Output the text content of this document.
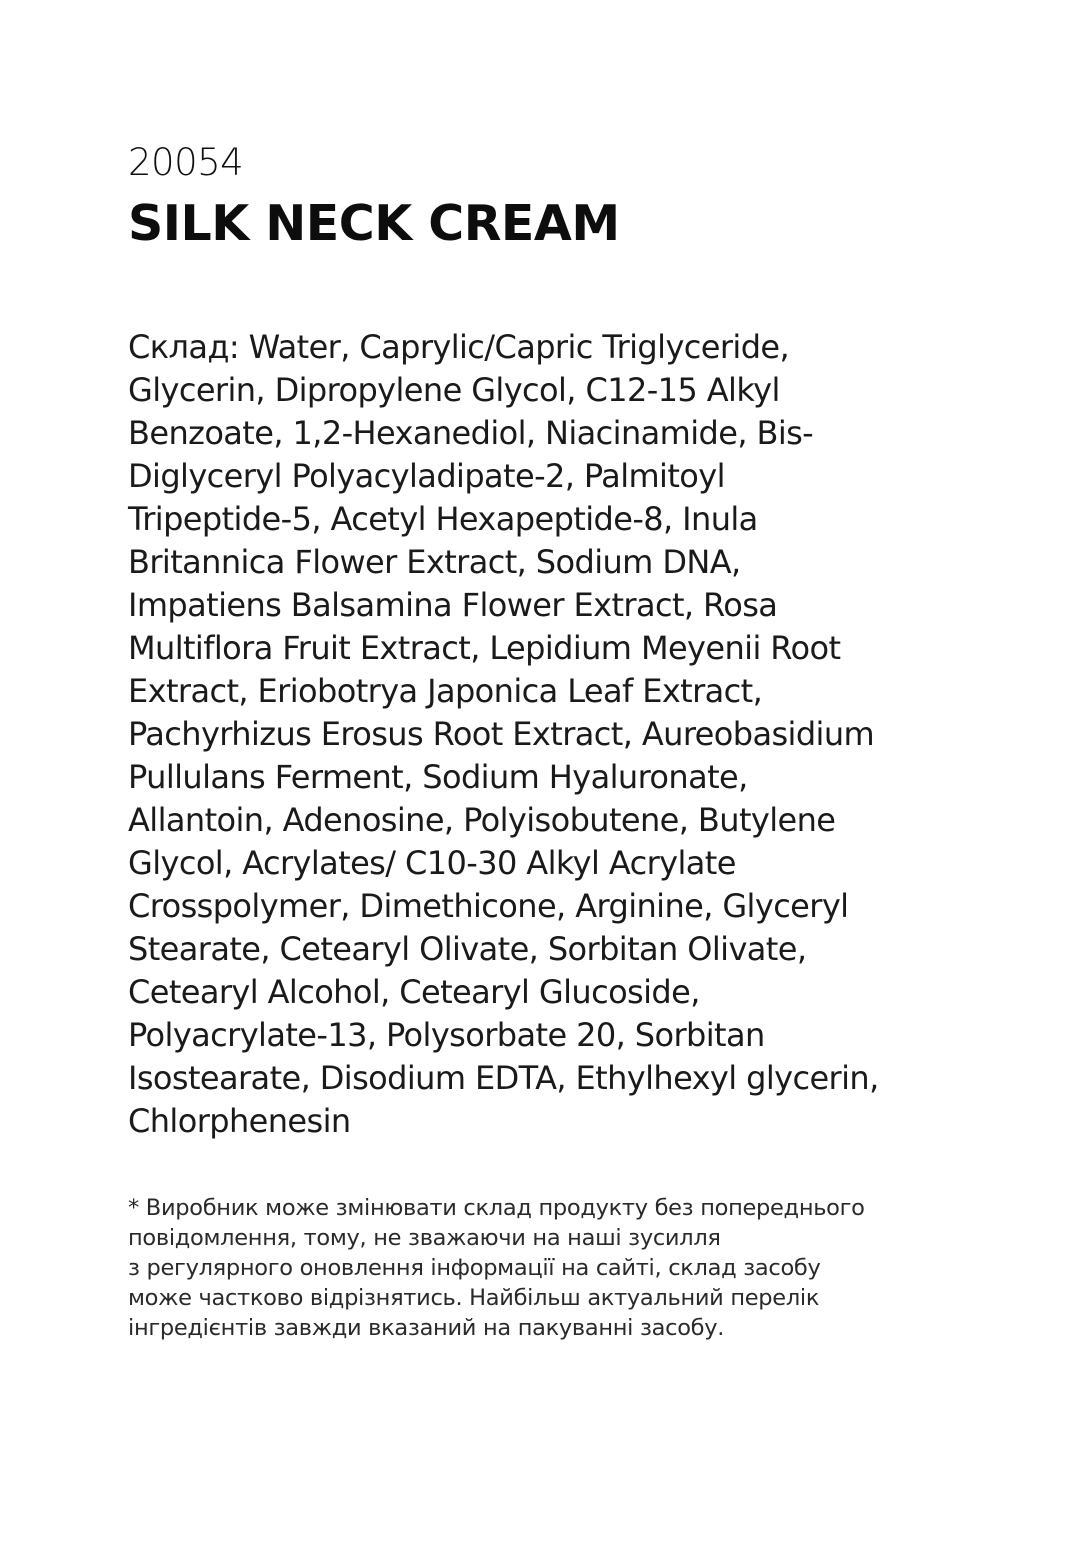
20054
SILK NECK CREAM
Склад: Water, Caprylic/Capric Triglyceride,
Glycerin, Dipropylene Glycol, C12-15 Alkyl
Benzoate, 1,2-Hexanediol, Niacinamide, Bis-
Diglyceryl Polyacyladipate-2, Palmitoyl
Tripeptide-5, Acetyl Hexapeptide-8, Inula
Britannica Flower Extract, Sodium DNA,
Impatiens Balsamina Flower Extract, Rosa
Multiflora Fruit Extract, Lepidium Meyenii Root
Extract, Eriobotrya Japonica Leaf Extract,
Pachyrhizus Erosus Root Extract, Aureobasidium
Pullulans Ferment, Sodium Hyaluronate,
Allantoin, Adenosine, Polyisobutene, Butylene
Glycol, Acrylates/ C10-30 Alkyl Acrylate
Crosspolymer, Dimethicone, Arginine, Glyceryl
Stearate, Cetearyl Olivate, Sorbitan Olivate,
Cetearyl Alcohol, Cetearyl Glucoside,
Polyacrylate-13, Polysorbate 20, Sorbitan
Isostearate, Disodium EDTA, Ethylhexyl glycerin,
Chlorphenesin
* Виробник може змінювати склад продукту без попереднього
повідомлення, тому, не зважаючи на наші зусилля
з регулярного оновлення інформації на сайті, склад засобу
може частково відрізнятись. Найбільш актуальний перелік
інгредієнтів завжди вказаний на пакуванні засобу.
